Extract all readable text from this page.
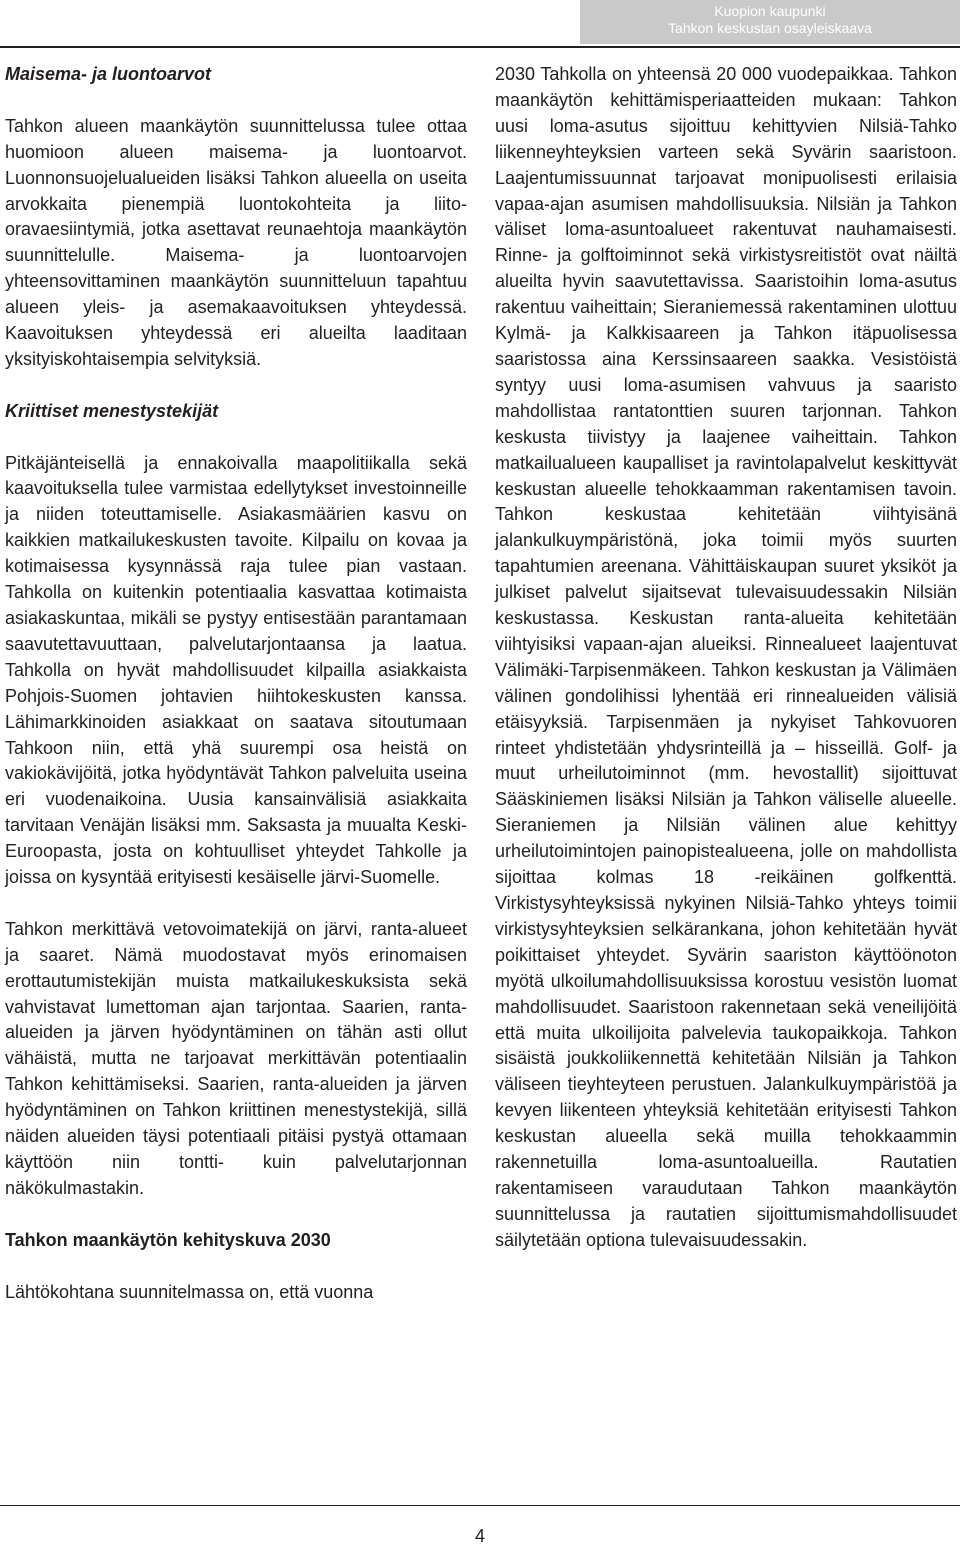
Kuopion kaupunki
Tahkon keskustan osayleiskaava
Maisema- ja luontoarvot

Tahkon alueen maankäytön suunnittelussa tulee ottaa huomioon alueen maisema- ja luontoarvot. Luonnonsuojelualueiden lisäksi Tahkon alueella on useita arvokkaita pienempiä luontokohteita ja liito-oravaesiintymiä, jotka asettavat reunaehtoja maankäytön suunnittelulle. Maisema- ja luontoarvojen yhteensovittaminen maankäytön suunnitteluun tapahtuu alueen yleis- ja asemakaavoituksen yhteydessä. Kaavoituksen yhteydessä eri alueilta laaditaan yksityiskohtaisempia selvityksiä.

Kriittiset menestystekijät

Pitkäjänteisellä ja ennakoivalla maapolitiikalla sekä kaavoituksella tulee varmistaa edellytykset investoinneille ja niiden toteuttamiselle. Asiakasmäärien kasvu on kaikkien matkailukeskusten tavoite. Kilpailu on kovaa ja kotimaisessa kysynnässä raja tulee pian vastaan. Tahkolla on kuitenkin potentiaalia kasvattaa kotimaista asiakaskuntaa, mikäli se pystyy entisestään parantamaan saavutettavuuttaan, palvelutarjontaansa ja laatua. Tahkolla on hyvät mahdollisuudet kilpailla asiakkaista Pohjois-Suomen johtavien hiihtokeskusten kanssa. Lähimarkkinoiden asiakkaat on saatava sitoutumaan Tahkoon niin, että yhä suurempi osa heistä on vakiokävijöitä, jotka hyödyntävät Tahkon palveluita useina eri vuodenaikoina. Uusia kansainvälisiä asiakkaita tarvitaan Venäjän lisäksi mm. Saksasta ja muualta Keski-Euroopasta, josta on kohtuulliset yhteydet Tahkolle ja joissa on kysyntää erityisesti kesäiselle järvi-Suomelle.

Tahkon merkittävä vetovoimatekijä on järvi, ranta-alueet ja saaret. Nämä muodostavat myös erinomaisen erottautumistekijän muista matkailukeskuksista sekä vahvistavat lumettoman ajan tarjontaa. Saarien, ranta-alueiden ja järven hyödyntäminen on tähän asti ollut vähäistä, mutta ne tarjoavat merkittävän potentiaalin Tahkon kehittämiseksi. Saarien, ranta-alueiden ja järven hyödyntäminen on Tahkon kriittinen menestystekijä, sillä näiden alueiden täysi potentiaali pitäisi pystyä ottamaan käyttöön niin tontti- kuin palvelutarjonnan näkökulmastakin.

Tahkon maankäytön kehityskuva 2030

Lähtökohtana suunnitelmassa on, että vuonna

2030 Tahkolla on yhteensä 20 000 vuodepaikkaa. Tahkon maankäytön kehittämisperiaatteiden mukaan: Tahkon uusi loma-asutus sijoittuu kehittyvien Nilsiä-Tahko liikenneyhteyksien varteen sekä Syvärin saaristoon. Laajentumissuunnat tarjoavat monipuolisesti erilaisia vapaa-ajan asumisen mahdollisuuksia. Nilsiän ja Tahkon väliset loma-asuntoalueet rakentuvat nauhamaisesti. Rinne- ja golftoiminnot sekä virkistysreitistöt ovat näiltä alueilta hyvin saavutettavissa. Saaristoihin loma-asutus rakentuu vaiheittain; Sieraniemessä rakentaminen ulottuu Kylmä- ja Kalkkisaareen ja Tahkon itäpuolisessa saaristossa aina Kerssinsaareen saakka. Vesistöistä syntyy uusi loma-asumisen vahvuus ja saaristo mahdollistaa rantatonttien suuren tarjonnan. Tahkon keskusta tiivistyy ja laajenee vaiheittain. Tahkon matkailualueen kaupalliset ja ravintolapalvelut keskittyvät keskustan alueelle tehokkaamman rakentamisen tavoin. Tahkon keskustaa kehitetään viihtyisänä jalankulkuympäristönä, joka toimii myös suurten tapahtumien areenana. Vähittäiskaupan suuret yksiköt ja julkiset palvelut sijaitsevat tulevaisuudessakin Nilsiän keskustassa. Keskustan ranta-alueita kehitetään viihtyisiksi vapaan-ajan alueiksi. Rinnealueet laajentuvat Välimäki-Tarpisenmäkeen. Tahkon keskustan ja Välimäen välinen gondolihissi lyhentää eri rinnealueiden välisiä etäisyyksiä. Tarpisenmäen ja nykyiset Tahkovuoren rinteet yhdistetään yhdysrinteillä ja – hisseillä. Golf- ja muut urheilutoiminnot (mm. hevostallit) sijoittuvat Sääskiniemen lisäksi Nilsiän ja Tahkon väliselle alueelle. Sieraniemen ja Nilsiän välinen alue kehittyy urheilutoimintojen painopistealueena, jolle on mahdollista sijoittaa kolmas 18 -reikäinen golfkenttä. Virkistysyhteyksissä nykyinen Nilsiä-Tahko yhteys toimii virkistysyhteyksien selkärankana, johon kehitetään hyvät poikittaiset yhteydet. Syvärin saariston käyttöönoton myötä ulkoilumahdollisuuksissa korostuu vesistön luomat mahdollisuudet. Saaristoon rakennetaan sekä veneilijöitä että muita ulkoilijoita palvelevia taukopaikkoja. Tahkon sisäistä joukkoliikennettä kehitetään Nilsiän ja Tahkon väliseen tieyhteyteen perustuen. Jalankulkuympäristöä ja kevyen liikenteen yhteyksiä kehitetään erityisesti Tahkon keskustan alueella sekä muilla tehokkaammin rakennetuilla loma-asuntoalueilla. Rautatien rakentamiseen varaudutaan Tahkon maankäytön suunnittelussa ja rautatien sijoittumismahdollisuudet säilytetään optiona tulevaisuudessakin.

4
